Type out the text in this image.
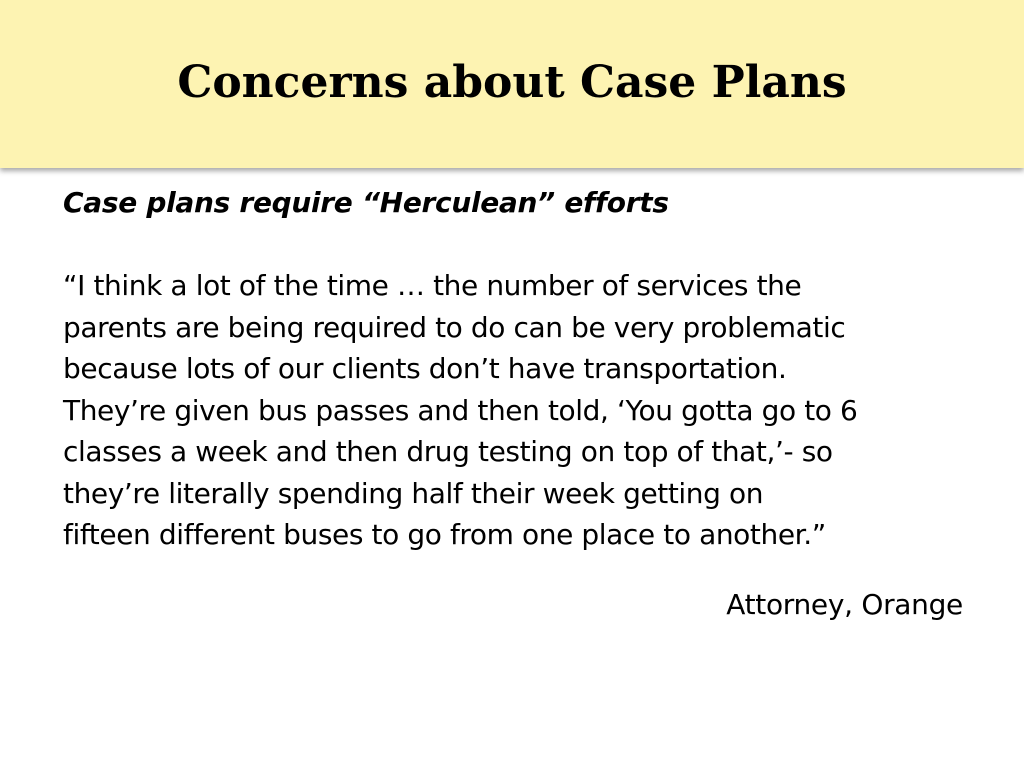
Concerns about Case Plans

Case plans require “Herculean” efforts

“I think a lot of the time … the number of services the
parents are being required to do can be very problematic
because lots of our clients don’t have transportation.
They’re given bus passes and then told, ‘You gotta go to 6
classes a week and then drug testing on top of that,’- so
they’re literally spending half their week getting on
fifteen different buses to go from one place to another.”

Attorney, Orange
